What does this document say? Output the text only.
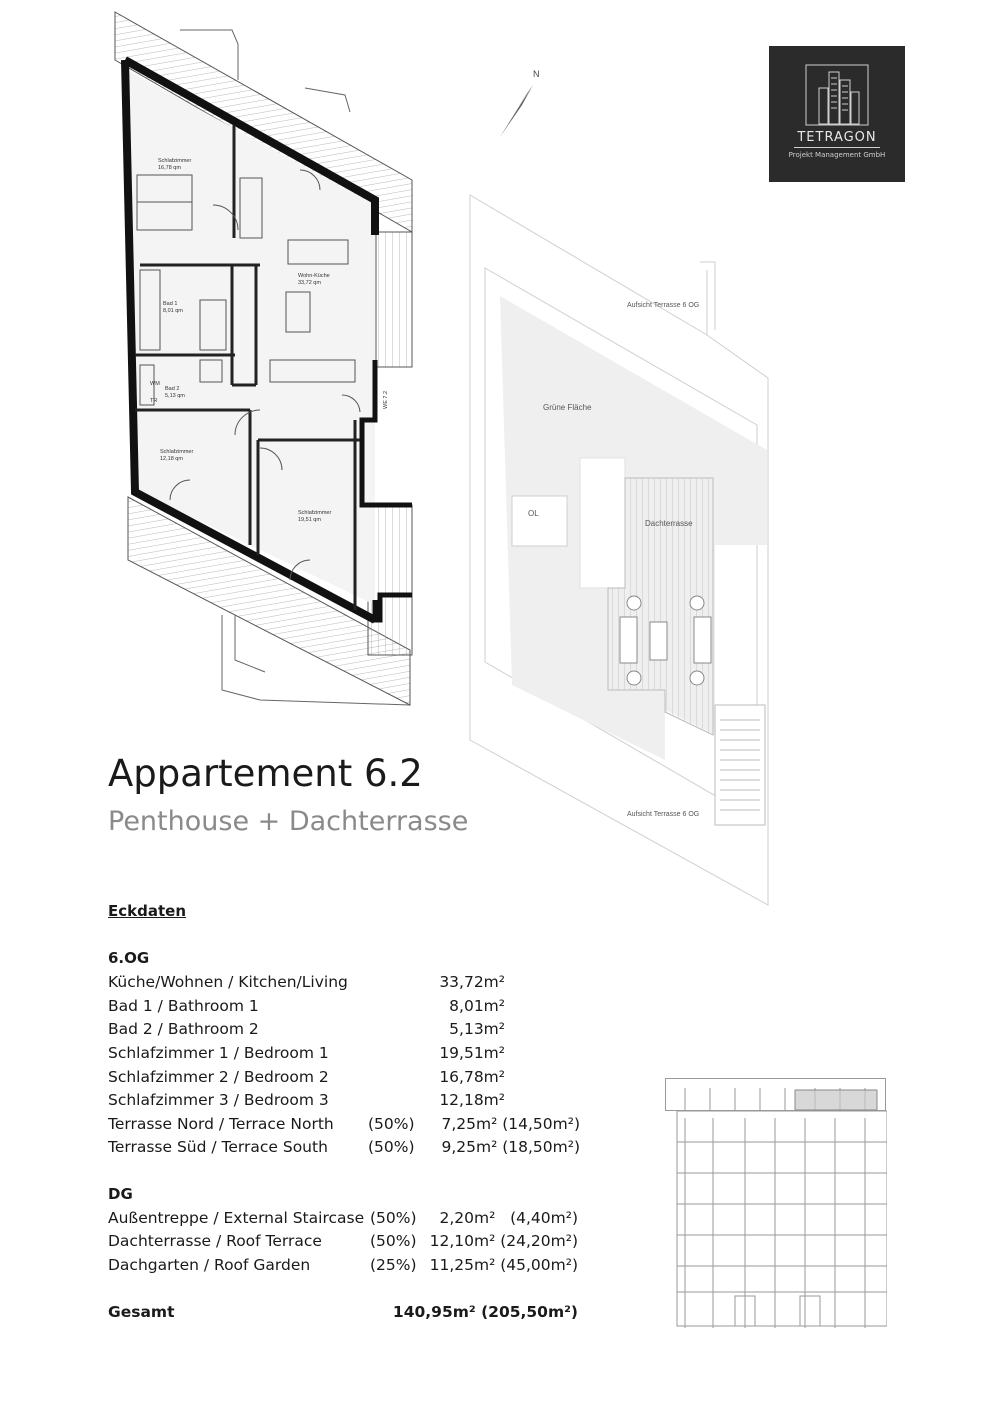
Schlafzimmer
16,78 qm
Wohn-Küche
33,72 qm
Bad 1
8,01 qm
Bad 2
5,13 qm
Schlafzimmer
12,18 qm
Schlafzimmer
19,51 qm
WM
TR	WE 7.2
N
TETRAGON
Projekt Management GmbH
Aufsicht Terrasse 6 OG
Aufsicht Terrasse 6 OG
Grüne Fläche
OL
Dachterrasse
Appartement 6.2
Penthouse + Dachterrasse
Eckdaten
6.OG
Küche/Wohnen / Kitchen/Living	33,72m²
Bad 1 / Bathroom 1	8,01m²
Bad 2 / Bathroom 2	5,13m²
Schlafzimmer 1 / Bedroom 1	19,51m²
Schlafzimmer 2 / Bedroom 2	16,78m²
Schlafzimmer 3 / Bedroom 3	12,18m²
Terrasse Nord / Terrace North (50%) 7,25m² (14,50m²)
Terrasse Süd / Terrace South	(50%) 9,25m² (18,50m²)
DG
Außentreppe / External Staircase (50%) 2,20m²   (4,40m²)
Dachterrasse / Roof Terrace	(50%) 12,10m² (24,20m²)
Dachgarten / Roof Garden	(25%) 11,25m² (45,00m²)
Gesamt	140,95m² (205,50m²)
